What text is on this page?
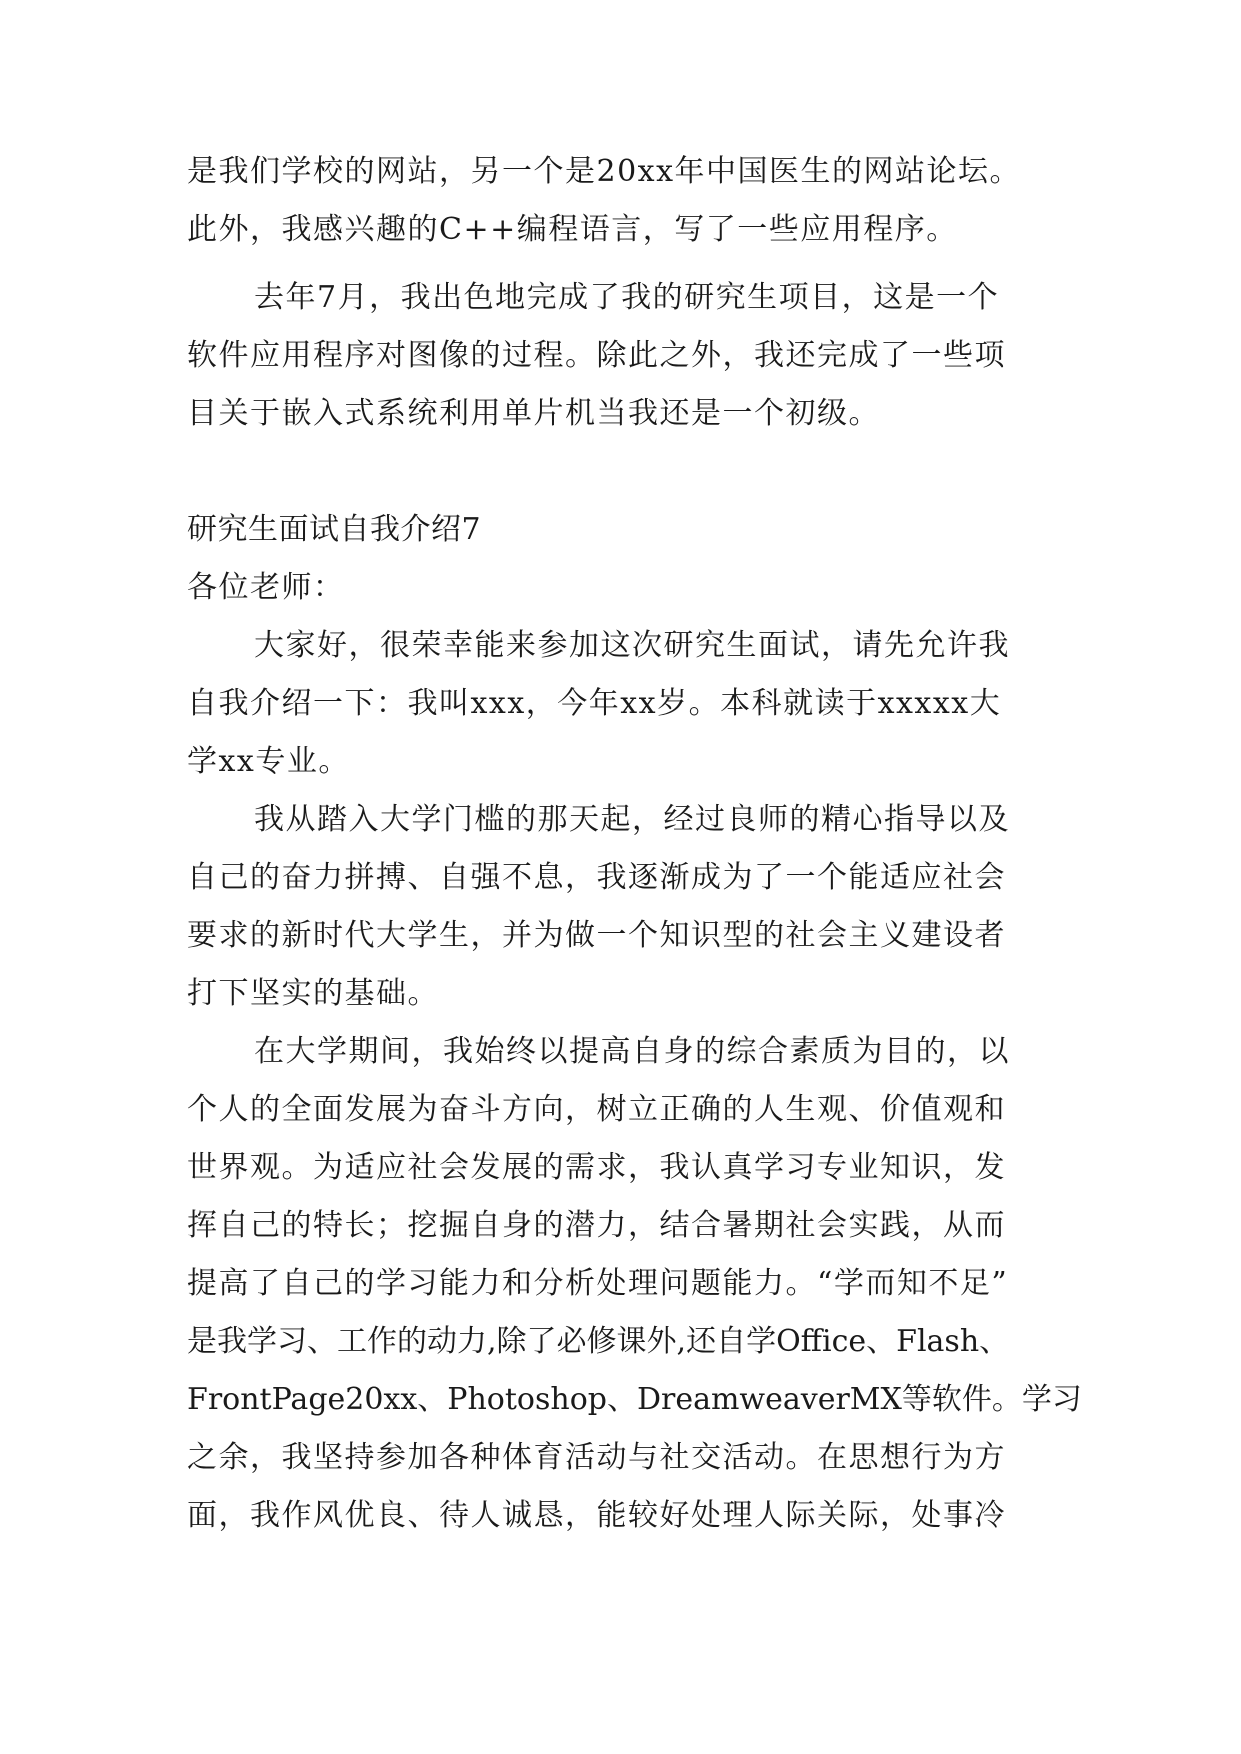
是我们学校的网站，另一个是20xx年中国医生的网站论坛。

此外，我感兴趣的C++编程语言，写了一些应用程序。

去年7月，我出色地完成了我的研究生项目，这是一个

软件应用程序对图像的过程。除此之外，我还完成了一些项

目关于嵌入式系统利用单片机当我还是一个初级。

研究生面试自我介绍7

各位老师：

大家好，很荣幸能来参加这次研究生面试，请先允许我

自我介绍一下：我叫xxx，今年xx岁。本科就读于xxxxx大

学xx专业。

我从踏入大学门槛的那天起，经过良师的精心指导以及

自己的奋力拼搏、自强不息，我逐渐成为了一个能适应社会

要求的新时代大学生，并为做一个知识型的社会主义建设者

打下坚实的基础。

在大学期间，我始终以提高自身的综合素质为目的，以

个人的全面发展为奋斗方向，树立正确的人生观、价值观和

世界观。为适应社会发展的需求，我认真学习专业知识，发

挥自己的特长；挖掘自身的潜力，结合暑期社会实践，从而

提高了自己的学习能力和分析处理问题能力。“学而知不足”

是我学习、工作的动力,除了必修课外,还自学Office、Flash、

FrontPage20xx、Photoshop、DreamweaverMX等软件。学习

之余，我坚持参加各种体育活动与社交活动。在思想行为方

面，我作风优良、待人诚恳，能较好处理人际关际，处事冷
